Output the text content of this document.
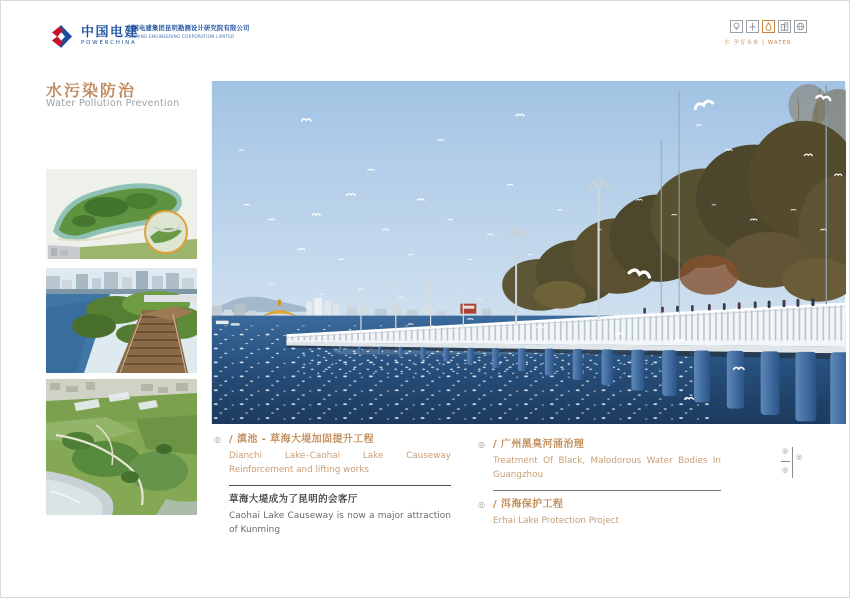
中国电建
POWERCHINA
中国电建集团昆明勘测设计研究院有限公司
KUNMING ENGINEERING CORPORATION LIMITED
水 孕育未来 | WATER
水污染防治
Water Pollution Prevention
◎ / 滇池 - 草海大堤加固提升工程

Dianchi Lake–Caohai Lake Causeway Reinforcement and lifting works

草海大堤成为了昆明的会客厅

Caohai Lake Causeway is now a major attraction of Kunming

◎ / 广州黑臭河涌治理

Treatment Of Black, Malodorous Water Bodies In Guangzhou

◎ / 洱海保护工程

Erhai Lake Protection Project

◎
◎
◎
